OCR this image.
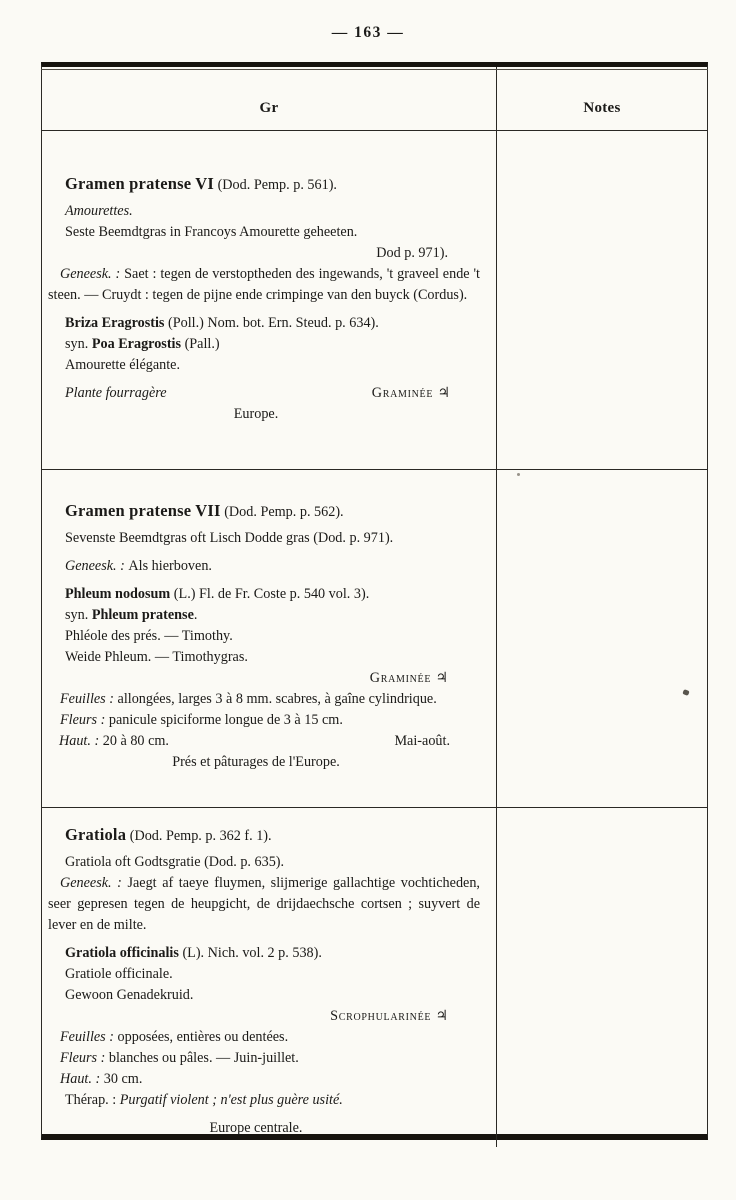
— 163 —
Gr	Notes
Gramen pratense VI (Dod. Pemp. p. 561).
Amourettes.
Seste Beemdtgras in Francoys Amourette geheeten.
Dod p. 971).
Geneesk. : Saet : tegen de verstoptheden des ingewands, 't graveel ende 't steen. — Cruydt : tegen de pijne ende crimpinge van den buyck (Cordus).
Briza Eragrostis (Poll.) Nom. bot. Ern. Steud. p. 634).
syn. Poa Eragrostis (Pall.)
Amourette élégante.
Plante fourragère	Graminée ♃
Europe.
Gramen pratense VII (Dod. Pemp. p. 562).
Sevenste Beemdtgras oft Lisch Dodde gras (Dod. p. 971).
Geneesk. : Als hierboven.
Phleum nodosum (L.) Fl. de Fr. Coste p. 540 vol. 3).
syn. Phleum pratense.
Phléole des prés. — Timothy.
Weide Phleum. — Timothygras.
Graminée ♃
Feuilles : allongées, larges 3 à 8 mm. scabres, à gaîne cylindrique.
Fleurs : panicule spiciforme longue de 3 à 15 cm.
Haut. : 20 à 80 cm.	Mai-août.
Prés et pâturages de l'Europe.
Gratiola (Dod. Pemp. p. 362 f. 1).
Gratiola oft Godtsgratie (Dod. p. 635).
Geneesk. : Jaegt af taeye fluymen, slijmerige gallachtige vochticheden, seer gepresen tegen de heupgicht, de drijdaechsche cortsen ; suyvert de lever en de milte.
Gratiola officinalis (L). Nich. vol. 2 p. 538).
Gratiole officinale.
Gewoon Genadekruid.
Scrophularinée ♃
Feuilles : opposées, entières ou dentées.
Fleurs : blanches ou pâles. — Juin-juillet.
Haut. : 30 cm.
Thérap. : Purgatif violent ; n'est plus guère usité.
Europe centrale.
